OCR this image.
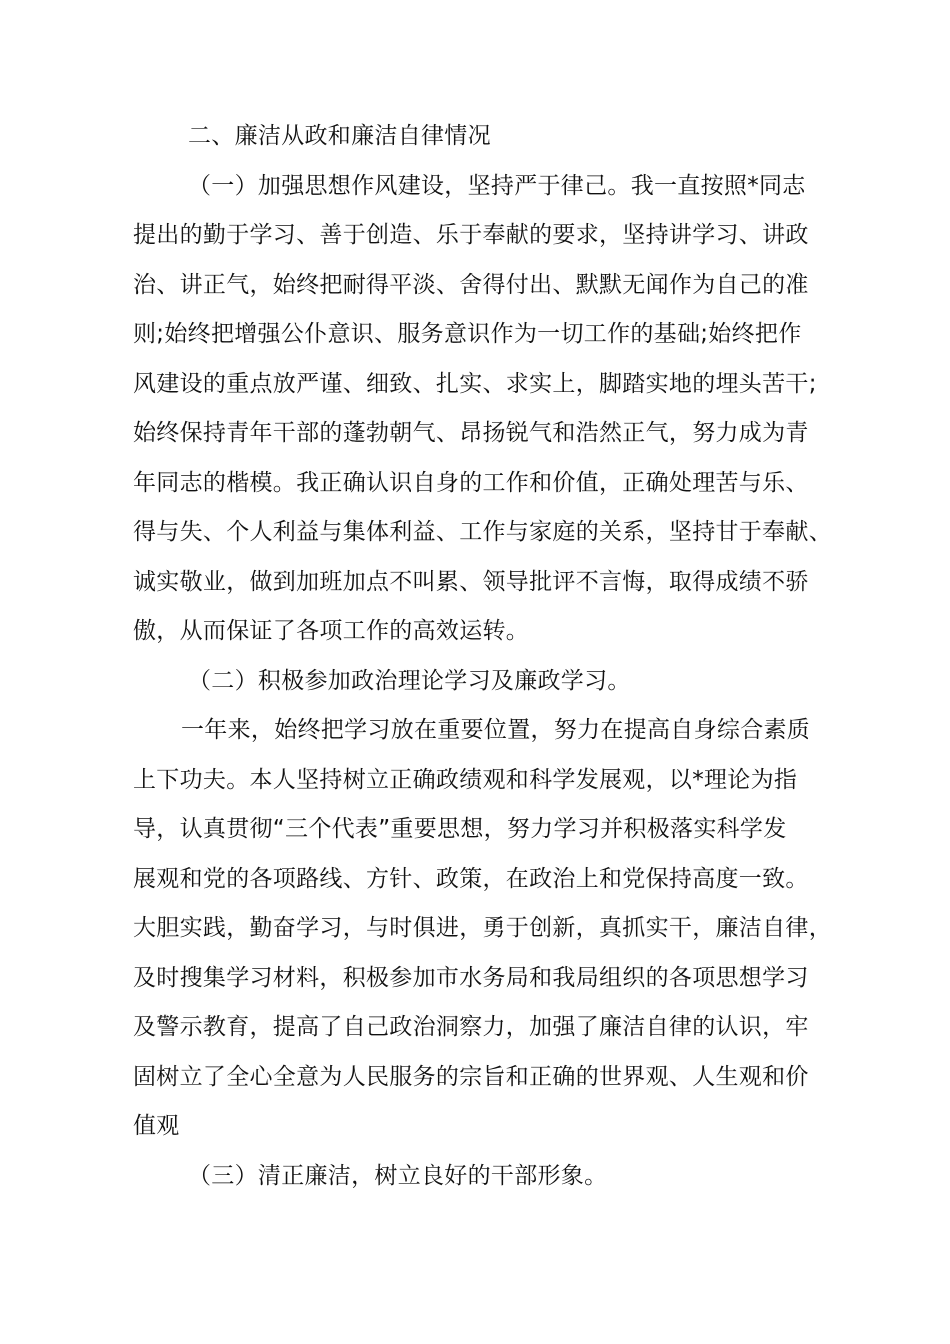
二、廉洁从政和廉洁自律情况
（一）加强思想作风建设，坚持严于律己。我一直按照*同志
提出的勤于学习、善于创造、乐于奉献的要求，坚持讲学习、讲政
治、讲正气，始终把耐得平淡、舍得付出、默默无闻作为自己的准
则;始终把增强公仆意识、服务意识作为一切工作的基础;始终把作
风建设的重点放严谨、细致、扎实、求实上，脚踏实地的埋头苦干;
始终保持青年干部的蓬勃朝气、昂扬锐气和浩然正气，努力成为青
年同志的楷模。我正确认识自身的工作和价值，正确处理苦与乐、
得与失、个人利益与集体利益、工作与家庭的关系，坚持甘于奉献、
诚实敬业，做到加班加点不叫累、领导批评不言悔，取得成绩不骄
傲，从而保证了各项工作的高效运转。
（二）积极参加政治理论学习及廉政学习。
一年来，始终把学习放在重要位置，努力在提高自身综合素质
上下功夫。本人坚持树立正确政绩观和科学发展观，以*理论为指
导，认真贯彻“三个代表”重要思想，努力学习并积极落实科学发
展观和党的各项路线、方针、政策，在政治上和党保持高度一致。
大胆实践，勤奋学习，与时俱进，勇于创新，真抓实干，廉洁自律，
及时搜集学习材料，积极参加市水务局和我局组织的各项思想学习
及警示教育，提高了自己政治洞察力，加强了廉洁自律的认识，牢
固树立了全心全意为人民服务的宗旨和正确的世界观、人生观和价
值观
（三）清正廉洁，树立良好的干部形象。
